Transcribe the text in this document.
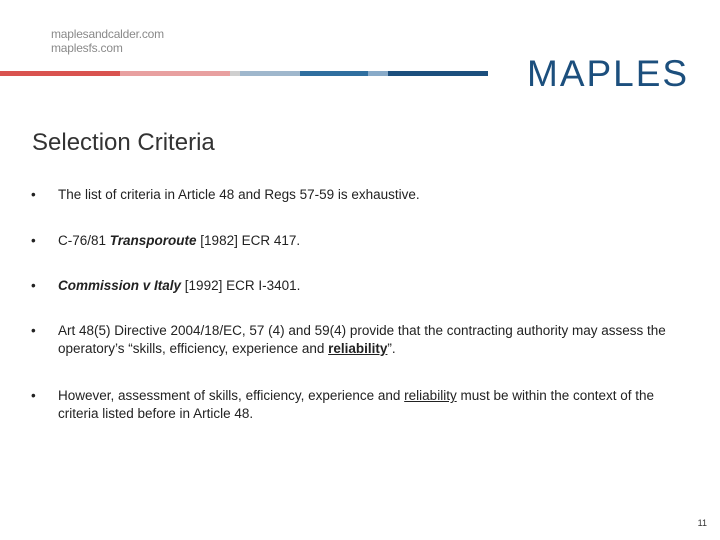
maplesandcalder.com
maplesfs.com
MAPLES
Selection Criteria
•	The list of criteria in Article 48 and Regs 57-59 is exhaustive.
•	C-76/81 Transporoute [1982] ECR 417.
•	Commission v Italy [1992] ECR I-3401.
•	Art 48(5) Directive 2004/18/EC, 57 (4) and 59(4) provide that the contracting authority may assess the operatory’s “skills, efficiency, experience and reliability”.
•	However, assessment of skills, efficiency, experience and reliability must be within the context of the criteria listed before in Article 48.
11
